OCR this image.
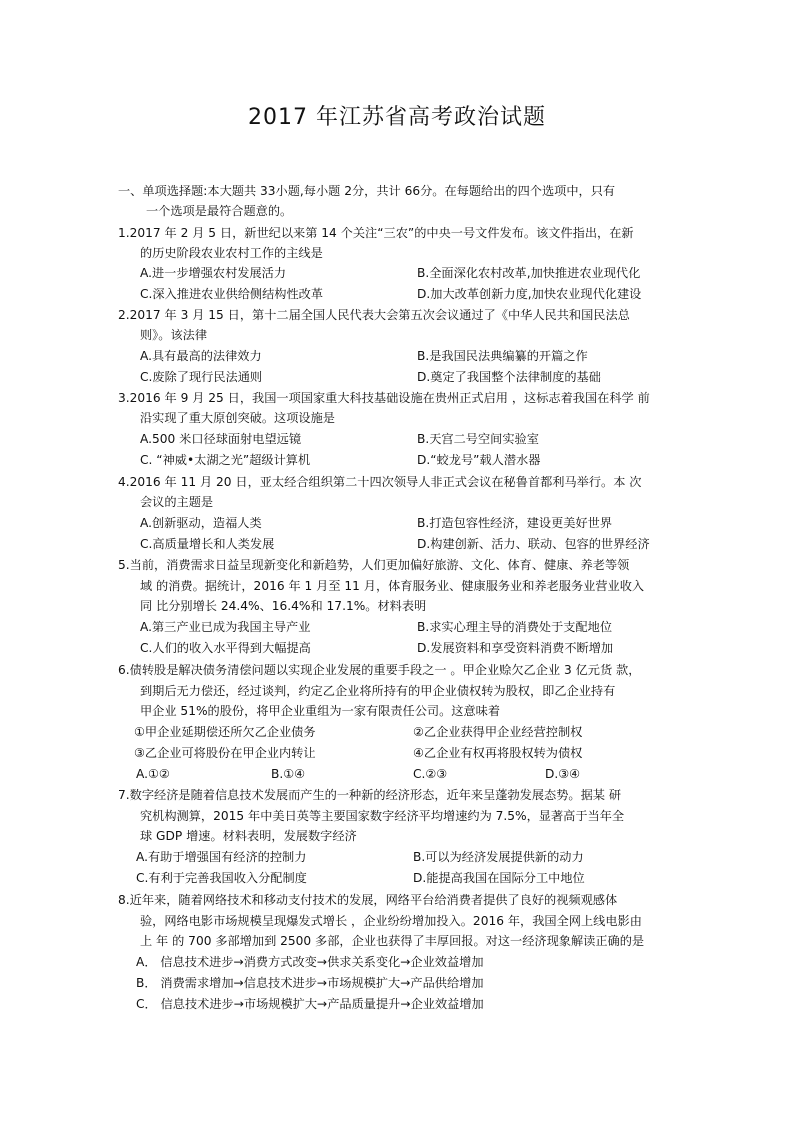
2017 年江苏省高考政治试题
一、单项选择题:本大题共 33小题,每小题 2分，共计 66分。在每题给出的四个选项中，只有
一个选项是最符合题意的。
1.2017 年 2 月 5 日，新世纪以来第 14 个关注“三农”的中央一号文件发布。该文件指出，在新
的历史阶段农业农村工作的主线是
A.进一步增强农村发展活力	B.全面深化农村改革,加快推进农业现代化
C.深入推进农业供给侧结构性改革	D.加大改革创新力度,加快农业现代化建设
2.2017 年 3 月 15 日，第十二届全国人民代表大会第五次会议通过了《中华人民共和国民法总
则》。该法律
A.具有最高的法律效力	B.是我国民法典编纂的开篇之作
C.废除了现行民法通则	D.奠定了我国整个法律制度的基础
3.2016 年 9 月 25 日，我国一项国家重大科技基础设施在贵州正式启用 ，这标志着我国在科学 前
沿实现了重大原创突破。这项设施是
A.500 米口径球面射电望远镜	B.天宫二号空间实验室
C. “神威•太湖之光”超级计算机	D.“蛟龙号”载人潜水器
4.2016 年 11 月 20 日，亚太经合组织第二十四次领导人非正式会议在秘鲁首都利马举行。本 次
会议的主题是
A.创新驱动，造福人类	B.打造包容性经济，建设更美好世界
C.高质量增长和人类发展	D.构建创新、活力、联动、包容的世界经济
5.当前，消费需求日益呈现新变化和新趋势，人们更加偏好旅游、文化、体育、健康、养老等领
域 的消费。据统计，2016 年 1 月至 11 月，体育服务业、健康服务业和养老服务业营业收入
同 比分别增长 24.4%、16.4%和 17.1%。材料表明
A.第三产业已成为我国主导产业	B.求实心理主导的消费处于支配地位
C.人们的收入水平得到大幅提高	D.发展资料和享受资料消费不断增加
6.债转股是解决债务清偿问题以实现企业发展的重要手段之一 。甲企业赊欠乙企业 3 亿元货 款，
到期后无力偿还，经过谈判，约定乙企业将所持有的甲企业债权转为股权，即乙企业持有
甲企业 51%的股份，将甲企业重组为一家有限责任公司。这意味着
①甲企业延期偿还所欠乙企业债务	②乙企业获得甲企业经营控制权
③乙企业可将股份在甲企业内转让	④乙企业有权再将股权转为债权
A.①②	B.①④	C.②③	D.③④
7.数字经济是随着信息技术发展而产生的一种新的经济形态，近年来呈蓬勃发展态势。据某 研
究机构测算，2015 年中美日英等主要国家数字经济平均增速约为 7.5%，显著高于当年全
球 GDP 增速。材料表明，发展数字经济
A.有助于增强国有经济的控制力	B.可以为经济发展提供新的动力
C.有利于完善我国收入分配制度	D.能提高我国在国际分工中地位
8.近年来，随着网络技术和移动支付技术的发展，网络平台给消费者提供了良好的视频观感体
验，网络电影市场规模呈现爆发式增长 ，企业纷纷增加投入。2016 年，我国全网上线电影由
上 年 的 700 多部增加到 2500 多部，企业也获得了丰厚回报。对这一经济现象解读正确的是
A． 信息技术进步→消费方式改变→供求关系变化→企业效益增加
B． 消费需求增加→信息技术进步→市场规模扩大→产品供给增加
C． 信息技术进步→市场规模扩大→产品质量提升→企业效益增加
